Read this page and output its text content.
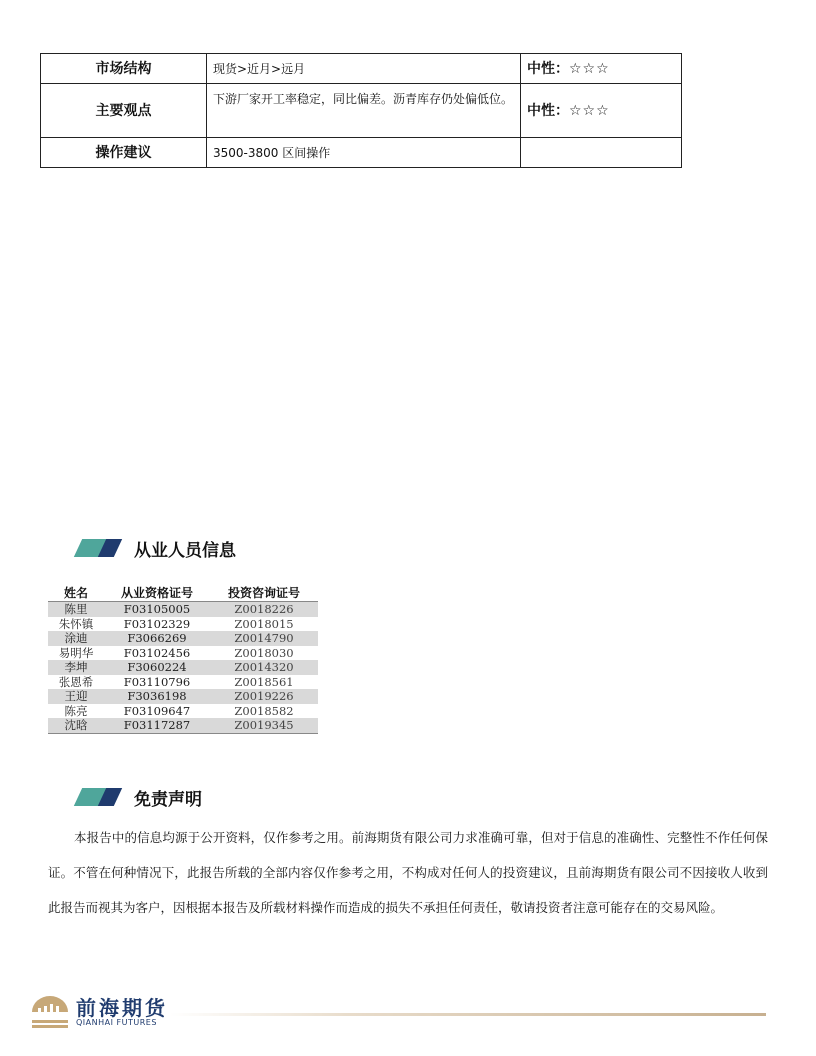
市场结构	现货>近月>远月	中性：☆☆☆
主要观点	下游厂家开工率稳定，同比偏差。沥青库存仍处偏低位。	中性：☆☆☆
操作建议	3500-3800 区间操作	
从业人员信息
姓名	从业资格证号	投资咨询证号
陈里	F03105005	Z0018226
朱怀镇	F03102329	Z0018015
涂迪	F3066269	Z0014790
易明华	F03102456	Z0018030
李坤	F3060224	Z0014320
张恩希	F03110796	Z0018561
王迎	F3036198	Z0019226
陈亮	F03109647	Z0018582
沈晗	F03117287	Z0019345
免责声明
本报告中的信息均源于公开资料，仅作参考之用。前海期货有限公司力求准确可靠，但对于信息的准确性、完整性不作任何保证。不管在何种情况下，此报告所载的全部内容仅作参考之用，不构成对任何人的投资建议，且前海期货有限公司不因接收人收到此报告而视其为客户，因根据本报告及所载材料操作而造成的损失不承担任何责任，敬请投资者注意可能存在的交易风险。
前海期货
QIANHAI FUTURES
